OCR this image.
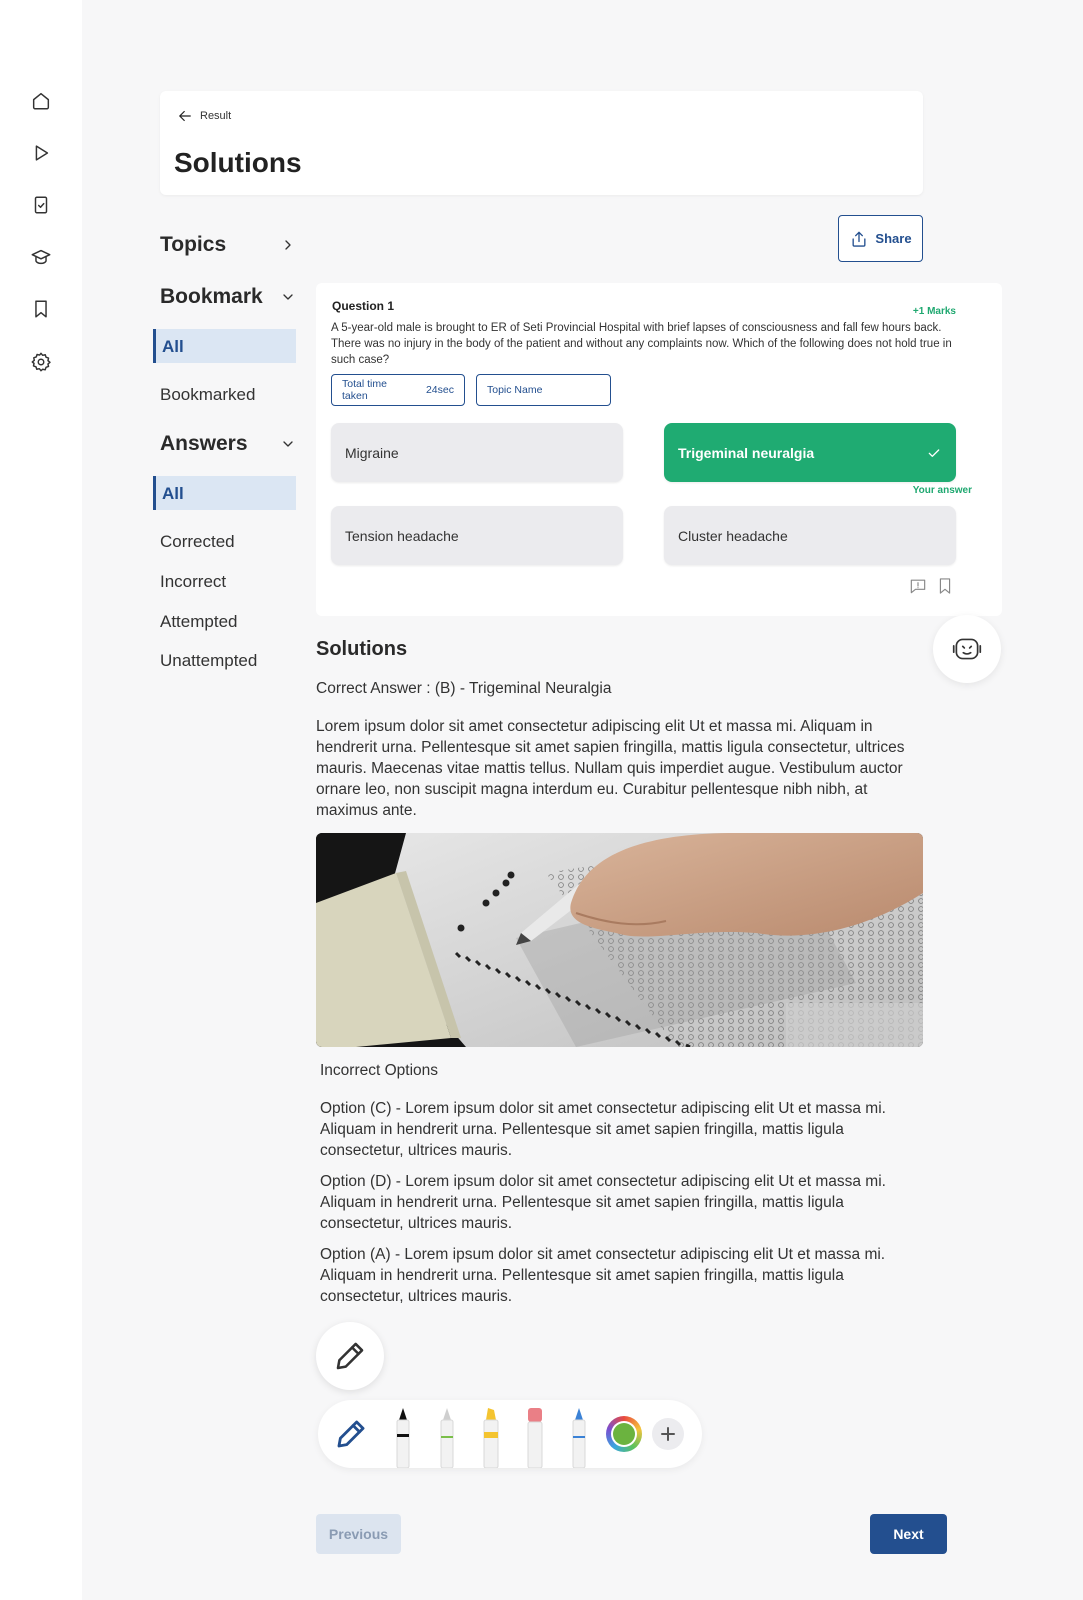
Result
Solutions
Topics
Bookmark
All
Bookmarked
Answers
All
Corrected
Incorrect
Attempted
Unattempted
Share
Question 1	+1 Marks

A 5-year-old male is brought to ER of Seti Provincial Hospital with brief lapses of consciousness and fall few hours back. There was no injury in the body of the patient and without any complaints now. Which of the following does not hold true in such case?

Total time taken	24sec	Topic Name
Migraine	Trigeminal neuralgia
Your answer
Tension headache	Cluster headache
Solutions

Correct Answer : (B) - Trigeminal Neuralgia

Lorem ipsum dolor sit amet consectetur adipiscing elit Ut et massa mi. Aliquam in hendrerit urna. Pellentesque sit amet sapien fringilla, mattis ligula consectetur, ultrices mauris. Maecenas vitae mattis tellus. Nullam quis imperdiet augue. Vestibulum auctor ornare leo, non suscipit magna interdum eu. Curabitur pellentesque nibh nibh, at maximus ante.

Incorrect Options

Option (C) - Lorem ipsum dolor sit amet consectetur adipiscing elit Ut et massa mi. Aliquam in hendrerit urna. Pellentesque sit amet sapien fringilla, mattis ligula consectetur, ultrices mauris.

Option (D) - Lorem ipsum dolor sit amet consectetur adipiscing elit Ut et massa mi. Aliquam in hendrerit urna. Pellentesque sit amet sapien fringilla, mattis ligula consectetur, ultrices mauris.

Option (A) - Lorem ipsum dolor sit amet consectetur adipiscing elit Ut et massa mi. Aliquam in hendrerit urna. Pellentesque sit amet sapien fringilla, mattis ligula consectetur, ultrices mauris.

Previous	Next
